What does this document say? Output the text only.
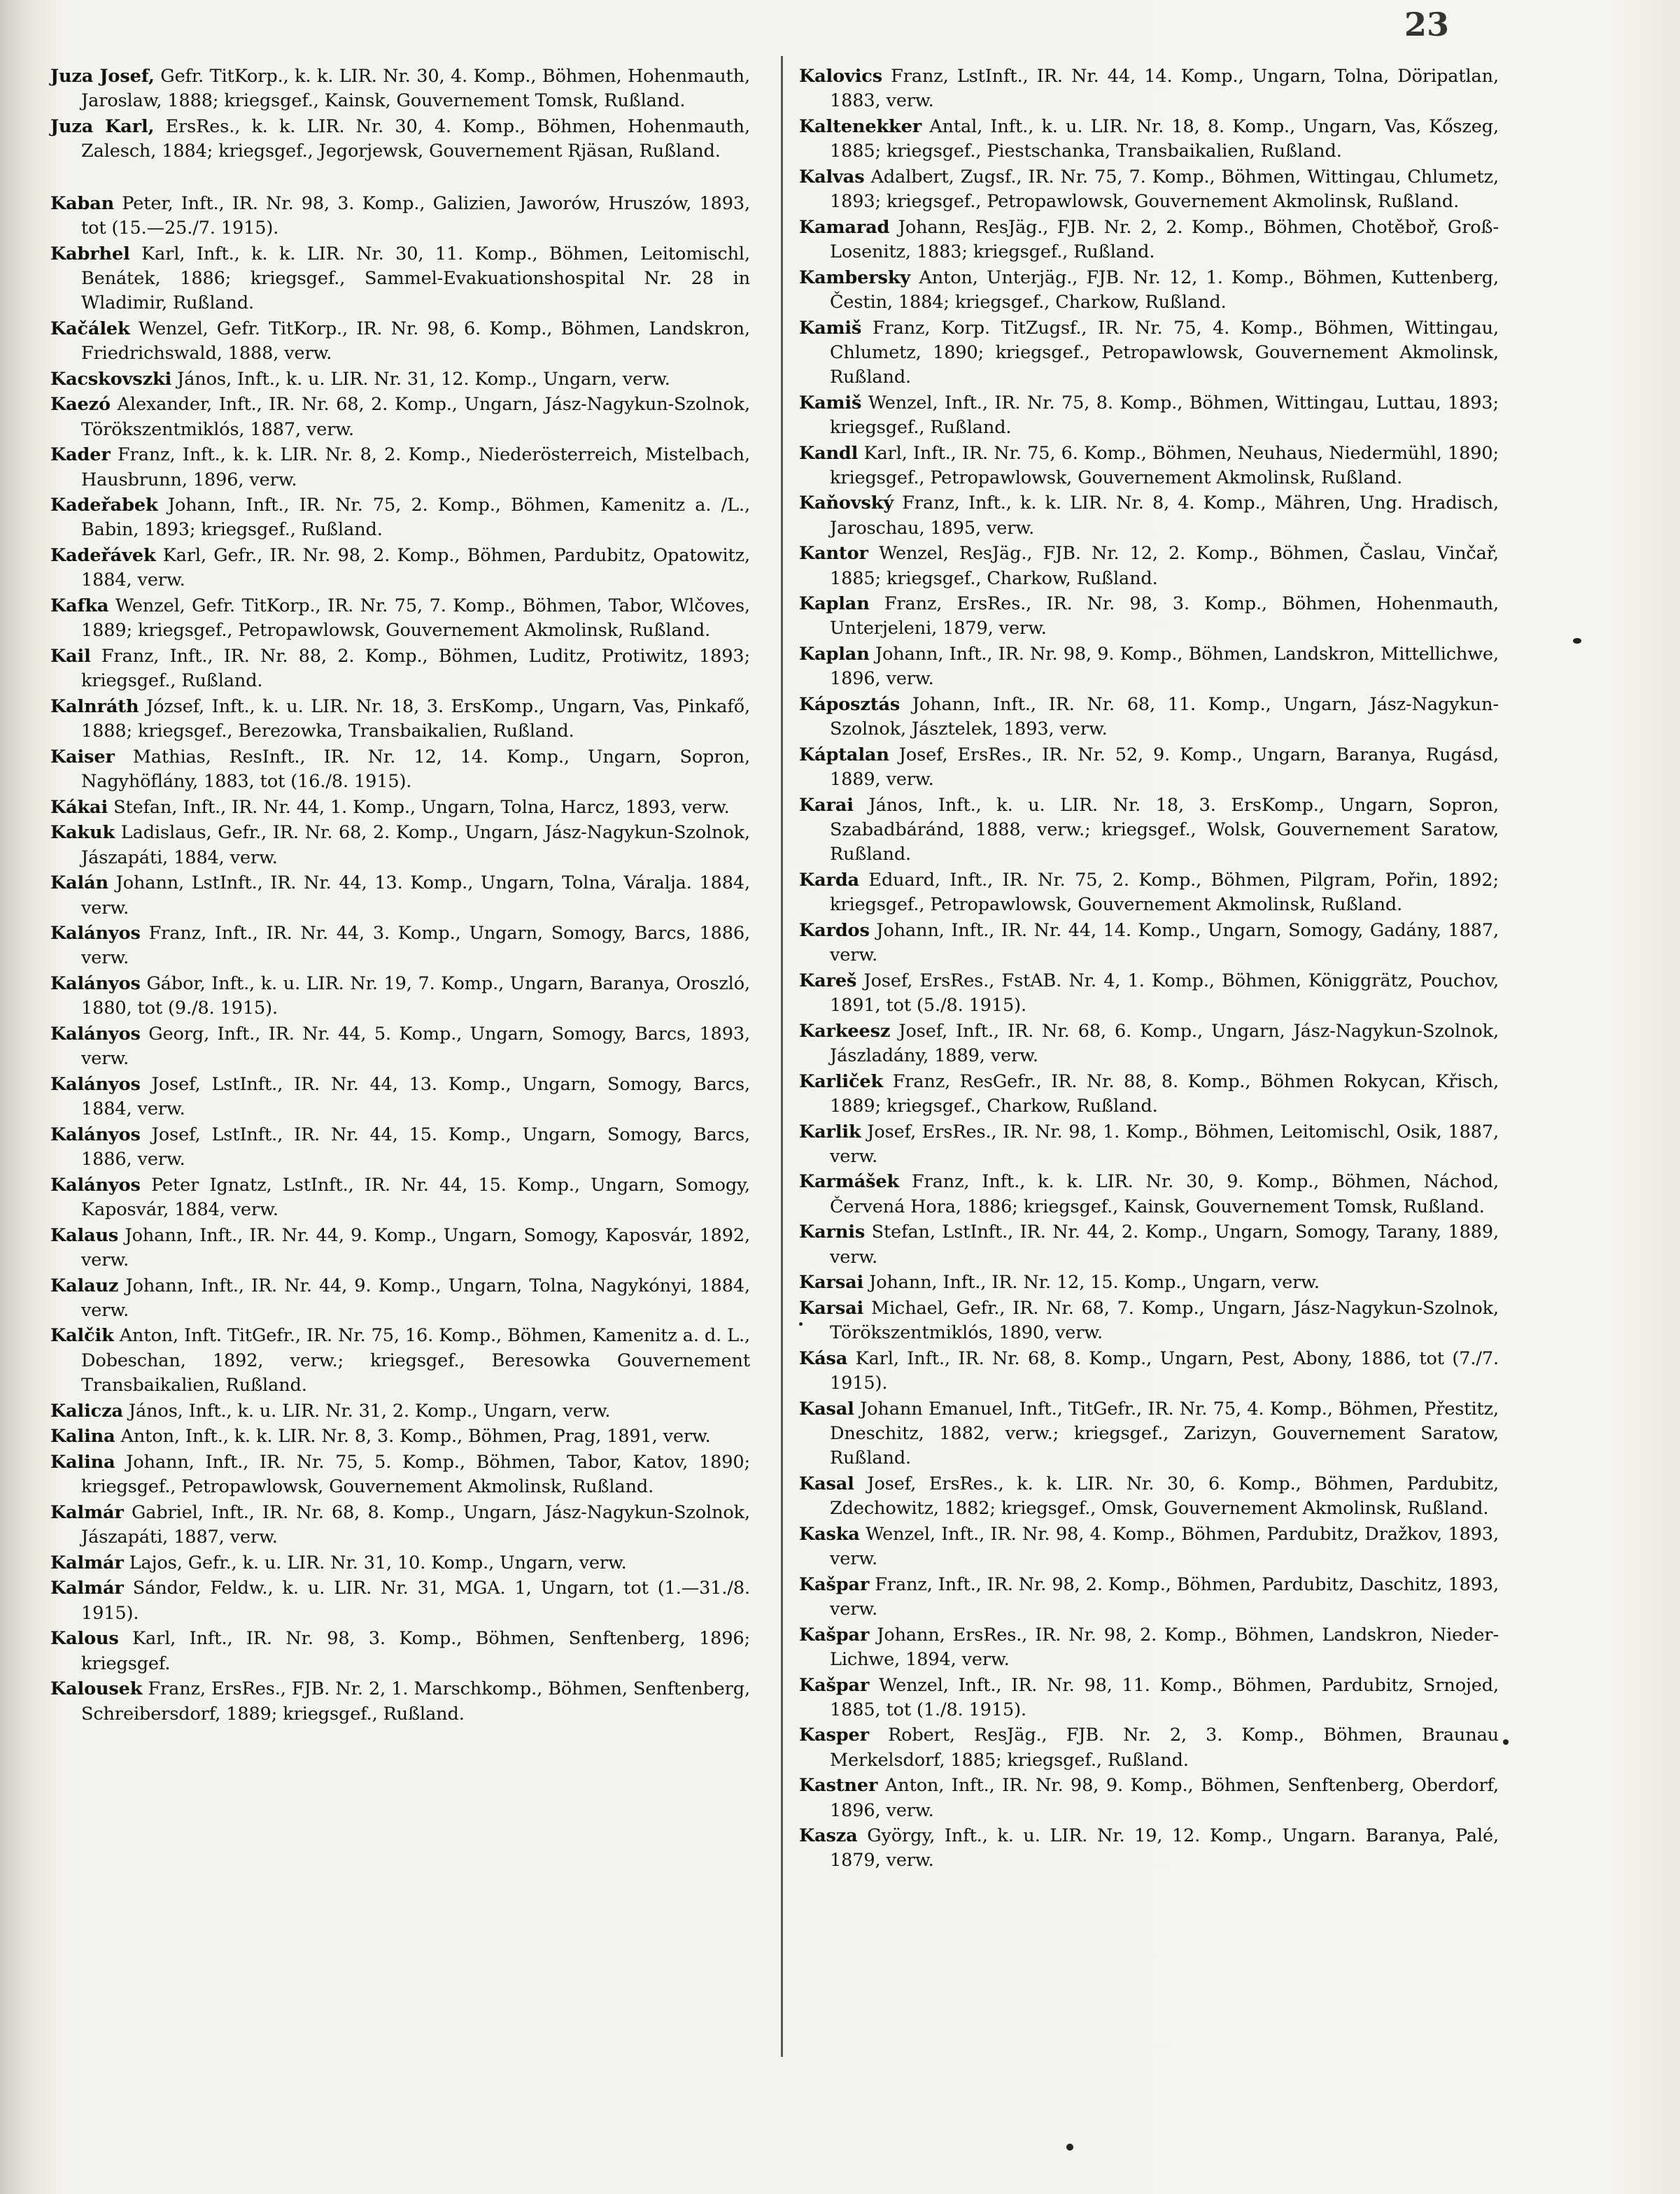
23

Juza Josef, Gefr. TitKorp., k. k. LIR. Nr. 30, 4. Komp., Böhmen, Hohenmauth, Jaroslaw, 1888; kriegsgef., Kainsk, Gouvernement Tomsk, Rußland.

Juza Karl, ErsRes., k. k. LIR. Nr. 30, 4. Komp., Böhmen, Hohenmauth, Zalesch, 1884; kriegsgef., Jegorjewsk, Gouvernement Rjäsan, Rußland.

Kaban Peter, Inft., IR. Nr. 98, 3. Komp., Galizien, Jaworów, Hruszów, 1893, tot (15.—25./7. 1915).

Kabrhel Karl, Inft., k. k. LIR. Nr. 30, 11. Komp., Böhmen, Leitomischl, Benátek, 1886; kriegsgef., Sammel-Evakuationshospital Nr. 28 in Wladimir, Rußland.

Kačálek Wenzel, Gefr. TitKorp., IR. Nr. 98, 6. Komp., Böhmen, Landskron, Friedrichswald, 1888, verw.

Kacskovszki János, Inft., k. u. LIR. Nr. 31, 12. Komp., Ungarn, verw.

Kaezó Alexander, Inft., IR. Nr. 68, 2. Komp., Ungarn, Jász-Nagykun-Szolnok, Törökszentmiklós, 1887, verw.

Kader Franz, Inft., k. k. LIR. Nr. 8, 2. Komp., Niederösterreich, Mistelbach, Hausbrunn, 1896, verw.

Kadeřabek Johann, Inft., IR. Nr. 75, 2. Komp., Böhmen, Kamenitz a. /L., Babin, 1893; kriegsgef., Rußland.

Kadeřávek Karl, Gefr., IR. Nr. 98, 2. Komp., Böhmen, Pardubitz, Opatowitz, 1884, verw.

Kafka Wenzel, Gefr. TitKorp., IR. Nr. 75, 7. Komp., Böhmen, Tabor, Wlčoves, 1889; kriegsgef., Petropawlowsk, Gouvernement Akmolinsk, Rußland.

Kail Franz, Inft., IR. Nr. 88, 2. Komp., Böhmen, Luditz, Protiwitz, 1893; kriegsgef., Rußland.

Kalnráth József, Inft., k. u. LIR. Nr. 18, 3. ErsKomp., Ungarn, Vas, Pinkafő, 1888; kriegsgef., Berezowka, Transbaikalien, Rußland.

Kaiser Mathias, ResInft., IR. Nr. 12, 14. Komp., Ungarn, Sopron, Nagyhöflány, 1883, tot (16./8. 1915).

Kákai Stefan, Inft., IR. Nr. 44, 1. Komp., Ungarn, Tolna, Harcz, 1893, verw.

Kakuk Ladislaus, Gefr., IR. Nr. 68, 2. Komp., Ungarn, Jász-Nagykun-Szolnok, Jászapáti, 1884, verw.

Kalán Johann, LstInft., IR. Nr. 44, 13. Komp., Ungarn, Tolna, Váralja. 1884, verw.

Kalányos Franz, Inft., IR. Nr. 44, 3. Komp., Ungarn, Somogy, Barcs, 1886, verw.

Kalányos Gábor, Inft., k. u. LIR. Nr. 19, 7. Komp., Ungarn, Baranya, Oroszló, 1880, tot (9./8. 1915).

Kalányos Georg, Inft., IR. Nr. 44, 5. Komp., Ungarn, Somogy, Barcs, 1893, verw.

Kalányos Josef, LstInft., IR. Nr. 44, 13. Komp., Ungarn, Somogy, Barcs, 1884, verw.

Kalányos Josef, LstInft., IR. Nr. 44, 15. Komp., Ungarn, Somogy, Barcs, 1886, verw.

Kalányos Peter Ignatz, LstInft., IR. Nr. 44, 15. Komp., Ungarn, Somogy, Kaposvár, 1884, verw.

Kalaus Johann, Inft., IR. Nr. 44, 9. Komp., Ungarn, Somogy, Kaposvár, 1892, verw.

Kalauz Johann, Inft., IR. Nr. 44, 9. Komp., Ungarn, Tolna, Nagykónyi, 1884, verw.

Kalčik Anton, Inft. TitGefr., IR. Nr. 75, 16. Komp., Böhmen, Kamenitz a. d. L., Dobeschan, 1892, verw.; kriegsgef., Beresowka Gouvernement Transbaikalien, Rußland.

Kalicza János, Inft., k. u. LIR. Nr. 31, 2. Komp., Ungarn, verw.

Kalina Anton, Inft., k. k. LIR. Nr. 8, 3. Komp., Böhmen, Prag, 1891, verw.

Kalina Johann, Inft., IR. Nr. 75, 5. Komp., Böhmen, Tabor, Katov, 1890; kriegsgef., Petropawlowsk, Gouvernement Akmolinsk, Rußland.

Kalmár Gabriel, Inft., IR. Nr. 68, 8. Komp., Ungarn, Jász-Nagykun-Szolnok, Jászapáti, 1887, verw.

Kalmár Lajos, Gefr., k. u. LIR. Nr. 31, 10. Komp., Ungarn, verw.

Kalmár Sándor, Feldw., k. u. LIR. Nr. 31, MGA. 1, Ungarn, tot (1.—31./8. 1915).

Kalous Karl, Inft., IR. Nr. 98, 3. Komp., Böhmen, Senftenberg, 1896; kriegsgef.

Kalousek Franz, ErsRes., FJB. Nr. 2, 1. Marschkomp., Böhmen, Senftenberg, Schreibersdorf, 1889; kriegsgef., Rußland.

Kalovics Franz, LstInft., IR. Nr. 44, 14. Komp., Ungarn, Tolna, Döripatlan, 1883, verw.

Kaltenekker Antal, Inft., k. u. LIR. Nr. 18, 8. Komp., Ungarn, Vas, Kőszeg, 1885; kriegsgef., Piestschanka, Transbaikalien, Rußland.

Kalvas Adalbert, Zugsf., IR. Nr. 75, 7. Komp., Böhmen, Wittingau, Chlumetz, 1893; kriegsgef., Petropawlowsk, Gouvernement Akmolinsk, Rußland.

Kamarad Johann, ResJäg., FJB. Nr. 2, 2. Komp., Böhmen, Chotěboř, Groß-Losenitz, 1883; kriegsgef., Rußland.

Kambersky Anton, Unterjäg., FJB. Nr. 12, 1. Komp., Böhmen, Kuttenberg, Čestin, 1884; kriegsgef., Charkow, Rußland.

Kamiš Franz, Korp. TitZugsf., IR. Nr. 75, 4. Komp., Böhmen, Wittingau, Chlumetz, 1890; kriegsgef., Petropawlowsk, Gouvernement Akmolinsk, Rußland.

Kamiš Wenzel, Inft., IR. Nr. 75, 8. Komp., Böhmen, Wittingau, Luttau, 1893; kriegsgef., Rußland.

Kandl Karl, Inft., IR. Nr. 75, 6. Komp., Böhmen, Neuhaus, Niedermühl, 1890; kriegsgef., Petropawlowsk, Gouvernement Akmolinsk, Rußland.

Kaňovský Franz, Inft., k. k. LIR. Nr. 8, 4. Komp., Mähren, Ung. Hradisch, Jaroschau, 1895, verw.

Kantor Wenzel, ResJäg., FJB. Nr. 12, 2. Komp., Böhmen, Časlau, Vinčař, 1885; kriegsgef., Charkow, Rußland.

Kaplan Franz, ErsRes., IR. Nr. 98, 3. Komp., Böhmen, Hohenmauth, Unterjeleni, 1879, verw.

Kaplan Johann, Inft., IR. Nr. 98, 9. Komp., Böhmen, Landskron, Mittellichwe, 1896, verw.

Káposztás Johann, Inft., IR. Nr. 68, 11. Komp., Ungarn, Jász-Nagykun-Szolnok, Jásztelek, 1893, verw.

Káptalan Josef, ErsRes., IR. Nr. 52, 9. Komp., Ungarn, Baranya, Rugásd, 1889, verw.

Karai János, Inft., k. u. LIR. Nr. 18, 3. ErsKomp., Ungarn, Sopron, Szabadbáránd, 1888, verw.; kriegsgef., Wolsk, Gouvernement Saratow, Rußland.

Karda Eduard, Inft., IR. Nr. 75, 2. Komp., Böhmen, Pilgram, Pořin, 1892; kriegsgef., Petropawlowsk, Gouvernement Akmolinsk, Rußland.

Kardos Johann, Inft., IR. Nr. 44, 14. Komp., Ungarn, Somogy, Gadány, 1887, verw.

Kareš Josef, ErsRes., FstAB. Nr. 4, 1. Komp., Böhmen, Königgrätz, Pouchov, 1891, tot (5./8. 1915).

Karkeesz Josef, Inft., IR. Nr. 68, 6. Komp., Ungarn, Jász-Nagykun-Szolnok, Jászladány, 1889, verw.

Karliček Franz, ResGefr., IR. Nr. 88, 8. Komp., Böhmen Rokycan, Křisch, 1889; kriegsgef., Charkow, Rußland.

Karlik Josef, ErsRes., IR. Nr. 98, 1. Komp., Böhmen, Leitomischl, Osik, 1887, verw.

Karmášek Franz, Inft., k. k. LIR. Nr. 30, 9. Komp., Böhmen, Náchod, Červená Hora, 1886; kriegsgef., Kainsk, Gouvernement Tomsk, Rußland.

Karnis Stefan, LstInft., IR. Nr. 44, 2. Komp., Ungarn, Somogy, Tarany, 1889, verw.

Karsai Johann, Inft., IR. Nr. 12, 15. Komp., Ungarn, verw.

Karsai Michael, Gefr., IR. Nr. 68, 7. Komp., Ungarn, Jász-Nagykun-Szolnok, Törökszentmiklós, 1890, verw.

Kása Karl, Inft., IR. Nr. 68, 8. Komp., Ungarn, Pest, Abony, 1886, tot (7./7. 1915).

Kasal Johann Emanuel, Inft., TitGefr., IR. Nr. 75, 4. Komp., Böhmen, Přestitz, Dneschitz, 1882, verw.; kriegsgef., Zarizyn, Gouvernement Saratow, Rußland.

Kasal Josef, ErsRes., k. k. LIR. Nr. 30, 6. Komp., Böhmen, Pardubitz, Zdechowitz, 1882; kriegsgef., Omsk, Gouvernement Akmolinsk, Rußland.

Kaska Wenzel, Inft., IR. Nr. 98, 4. Komp., Böhmen, Pardubitz, Dražkov, 1893, verw.

Kašpar Franz, Inft., IR. Nr. 98, 2. Komp., Böhmen, Pardubitz, Daschitz, 1893, verw.

Kašpar Johann, ErsRes., IR. Nr. 98, 2. Komp., Böhmen, Landskron, Nieder-Lichwe, 1894, verw.

Kašpar Wenzel, Inft., IR. Nr. 98, 11. Komp., Böhmen, Pardubitz, Srnojed, 1885, tot (1./8. 1915).

Kasper Robert, ResJäg., FJB. Nr. 2, 3. Komp., Böhmen, Braunau Merkelsdorf, 1885; kriegsgef., Rußland.

Kastner Anton, Inft., IR. Nr. 98, 9. Komp., Böhmen, Senftenberg, Oberdorf, 1896, verw.

Kasza György, Inft., k. u. LIR. Nr. 19, 12. Komp., Ungarn. Baranya, Palé, 1879, verw.
